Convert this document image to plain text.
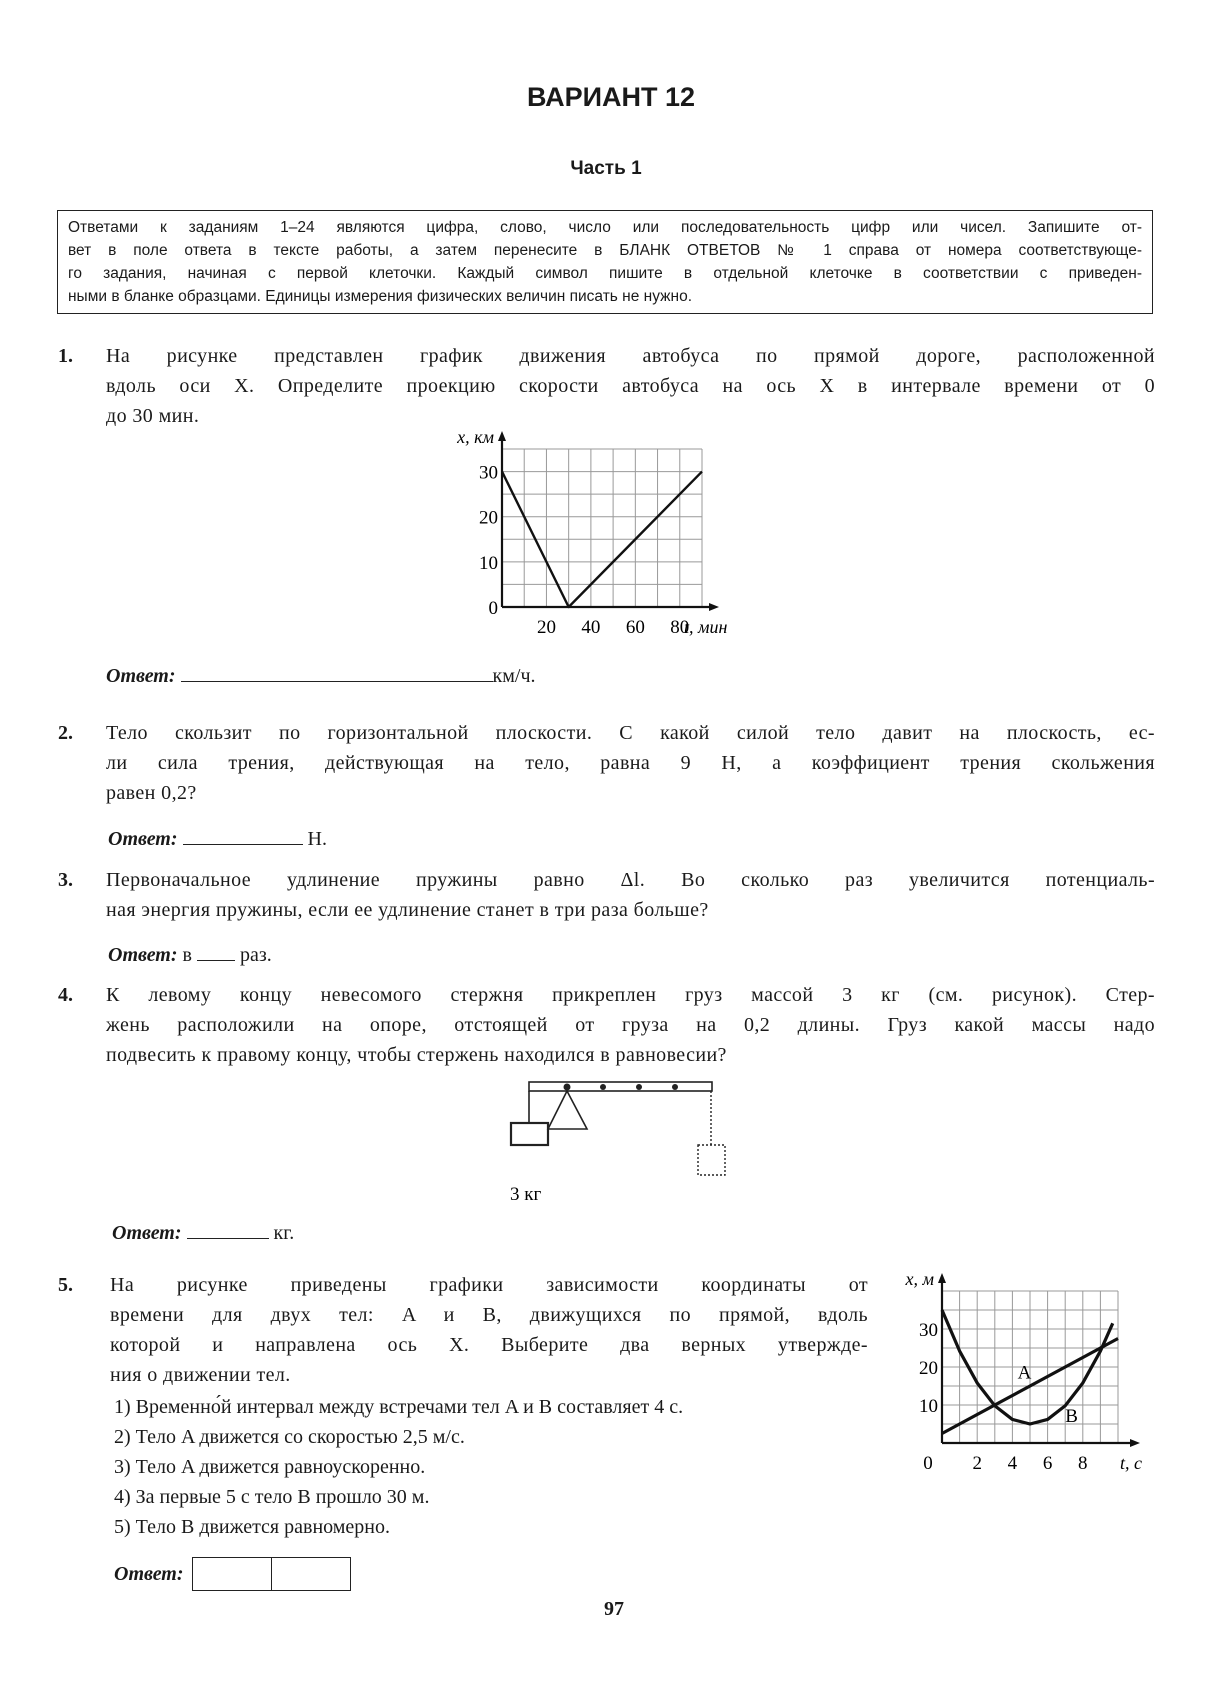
ВАРИАНТ 12
Часть 1
Ответами к заданиям 1–24 являются цифра, слово, число или последовательность цифр или чисел. Запишите от-
вет в поле ответа в тексте работы, а затем перенесите в БЛАНК ОТВЕТОВ № 1 справа от номера соответствующе-
го задания, начиная с первой клеточки. Каждый символ пишите в отдельной клеточке в соответствии с приведен-
ными в бланке образцами. Единицы измерения физических величин писать не нужно.
1. На рисунке представлен график движения автобуса по прямой дороге, расположенной
вдоль оси X. Определите проекцию скорости автобуса на ось X в интервале времени от 0
до 30 мин.
20 40 60 80
0
10
20
30
x, км
t, мин
Ответ:	км/ч.
2. Тело скользит по горизонтальной плоскости. С какой силой тело давит на плоскость, ес-
ли сила трения, действующая на тело, равна 9 Н, а коэффициент трения скольжения
равен 0,2?
Ответ:	Н.
3. Первоначальное удлинение пружины равно Δl. Во сколько раз увеличится потенциаль-
ная энергия пружины, если ее удлинение станет в три раза больше?
Ответ: в раз.
4. К левому концу невесомого стержня прикреплен груз массой 3 кг (см. рисунок). Стер-
жень расположили на опоре, отстоящей от груза на 0,2 длины. Груз какой массы надо
подвесить к правому концу, чтобы стержень находился в равновесии?
3 кг
Ответ:	кг.
5. На рисунке приведены графики зависимости координаты от
времени для двух тел: A и B, движущихся по прямой, вдоль
которой и направлена ось X. Выберите два верных утвержде-
ния о движении тел.
1) Временно́й интервал между встречами тел A и B составляет 4 с.
2) Тело A движется со скоростью 2,5 м/с.
3) Тело A движется равноускоренно.
4) За первые 5 с тело B прошло 30 м.
5) Тело B движется равномерно.
0 2 4 6 8
10
20
30
x, м
t, с
A
B
Ответ:
97
